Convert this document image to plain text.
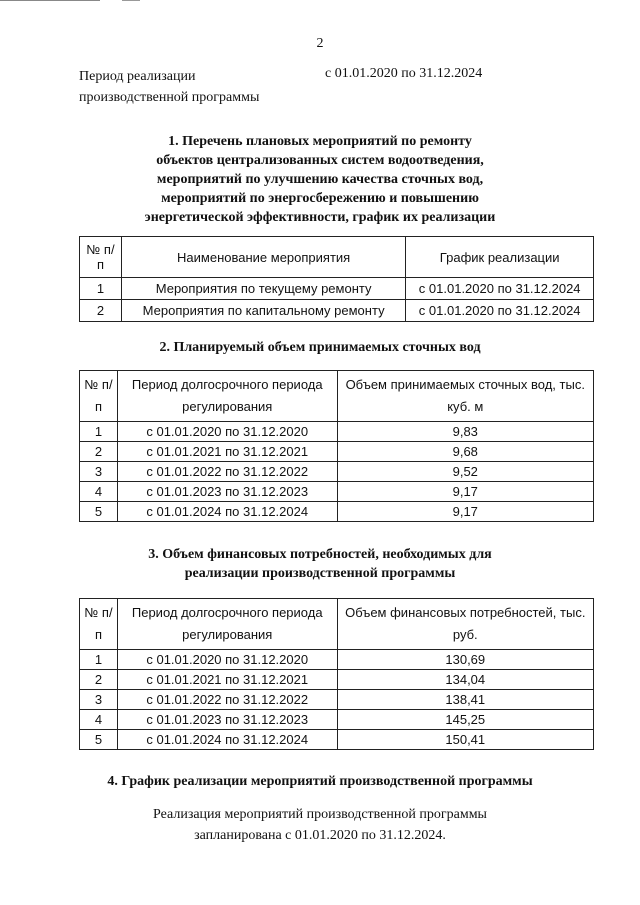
2
Период реализации производственной программы
с 01.01.2020 по 31.12.2024
1. Перечень плановых мероприятий по ремонту объектов централизованных систем водоотведения, мероприятий по улучшению качества сточных вод, мероприятий по энергосбережению и повышению энергетической эффективности, график их реализации
№ п/п	Наименование мероприятия	График реализации
1	Мероприятия по текущему ремонту	с 01.01.2020 по 31.12.2024
2	Мероприятия по капитальному ремонту	с 01.01.2020 по 31.12.2024
2. Планируемый объем принимаемых сточных вод
№ п/п	Период долгосрочного периода регулирования	Объем принимаемых сточных вод, тыс. куб. м
1	с 01.01.2020 по 31.12.2020	9,83
2	с 01.01.2021 по 31.12.2021	9,68
3	с 01.01.2022 по 31.12.2022	9,52
4	с 01.01.2023 по 31.12.2023	9,17
5	с 01.01.2024 по 31.12.2024	9,17
3. Объем финансовых потребностей, необходимых для реализации производственной программы
№ п/п	Период долгосрочного периода регулирования	Объем финансовых потребностей, тыс. руб.
1	с 01.01.2020 по 31.12.2020	130,69
2	с 01.01.2021 по 31.12.2021	134,04
3	с 01.01.2022 по 31.12.2022	138,41
4	с 01.01.2023 по 31.12.2023	145,25
5	с 01.01.2024 по 31.12.2024	150,41
4. График реализации мероприятий производственной программы
Реализация мероприятий производственной программы запланирована с 01.01.2020 по 31.12.2024.
